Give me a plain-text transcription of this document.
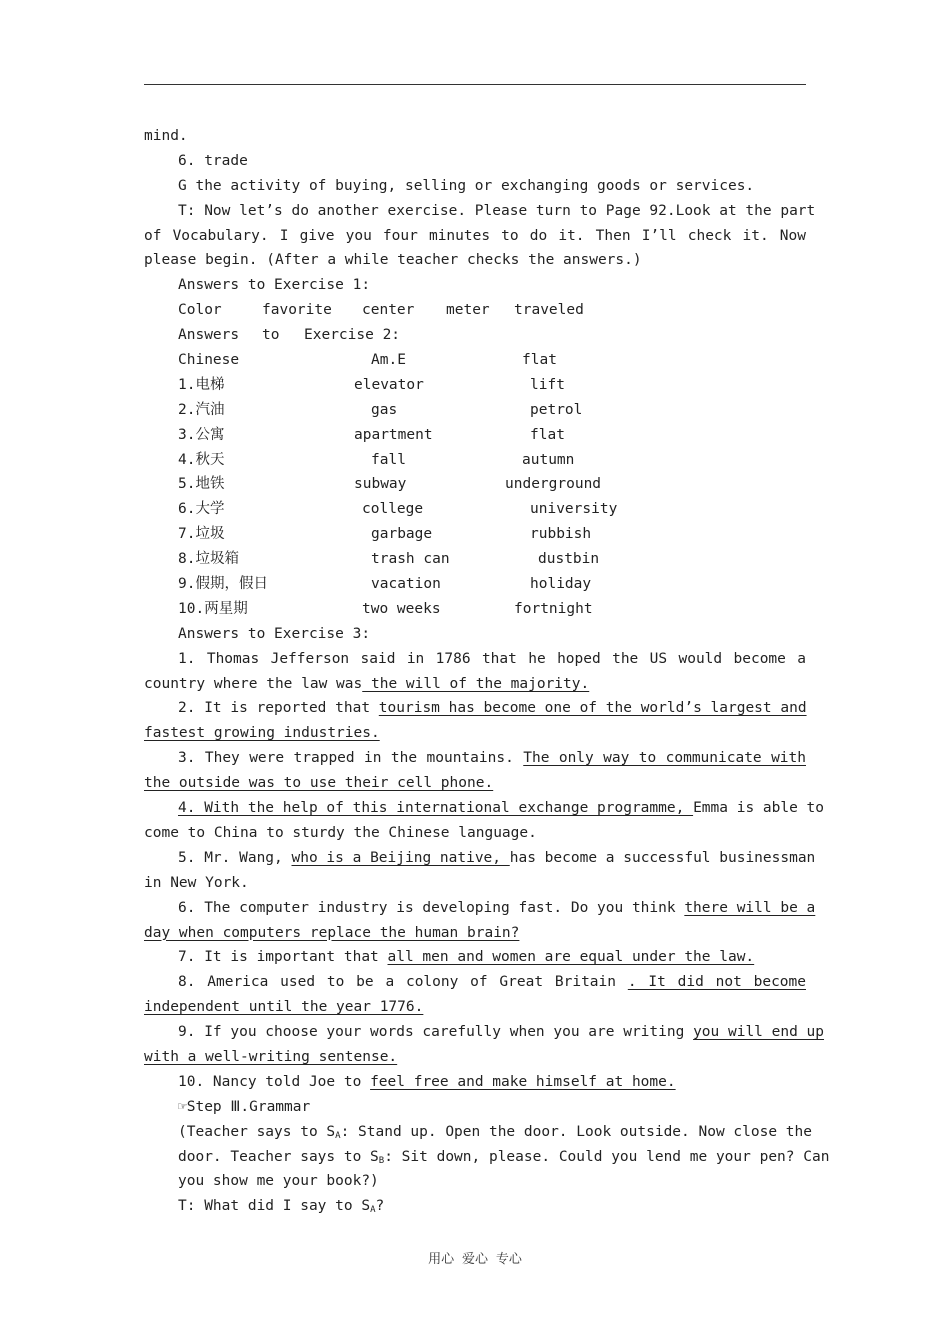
mind.
6. trade
G the activity of buying, selling or exchanging goods or services.
T: Now let’s do another exercise. Please turn to Page 92.Look at the part
of Vocabulary. I give you four minutes to do it. Then I’ll check it. Now
please begin. (After a while teacher checks the answers.)
Answers to Exercise 1:
Color	favorite center meter traveled
Answers to Exercise 2:
Chinese	Am.E	flat
1.电梯	elevator	lift
2.汽油	gas	petrol
3.公寓	apartment	flat
4.秋天	fall	autumn
5.地铁	subway	underground
6.大学	college	university
7.垃圾	garbage	rubbish
8.垃圾箱	trash can	dustbin
9.假期，假日	vacation	holiday
10.两星期	two weeks	fortnight
Answers to Exercise 3:
1. Thomas Jefferson said in 1786 that he hoped the US would become a
country where the law was the will of the majority.
2. It is reported that tourism has become one of the world’s largest and
fastest growing industries.
3. They were trapped in the mountains. The only way to communicate with
the outside was to use their cell phone.
4. With the help of this international exchange programme, Emma is able to
come to China to sturdy the Chinese language.
5. Mr. Wang, who is a Beijing native, has become a successful businessman
in New York.
6. The computer industry is developing fast. Do you think there will be a
day when computers replace the human brain?
7. It is important that all men and women are equal under the law.
8. America used to be a colony of Great Britain . It did not become
independent until the year 1776.
9. If you choose your words carefully when you are writing you will end up
with a well-writing sentense.
10. Nancy told Joe to feel free and make himself at home.
☞Step Ⅲ.Grammar
(Teacher says to $S_A$: Stand up. Open the door. Look outside. Now close the
door. Teacher says to $S_B$: Sit down, please. Could you lend me your pen? Can
you show me your book?)
T: What did I say to $S_A$?
用心 爱心 专心
